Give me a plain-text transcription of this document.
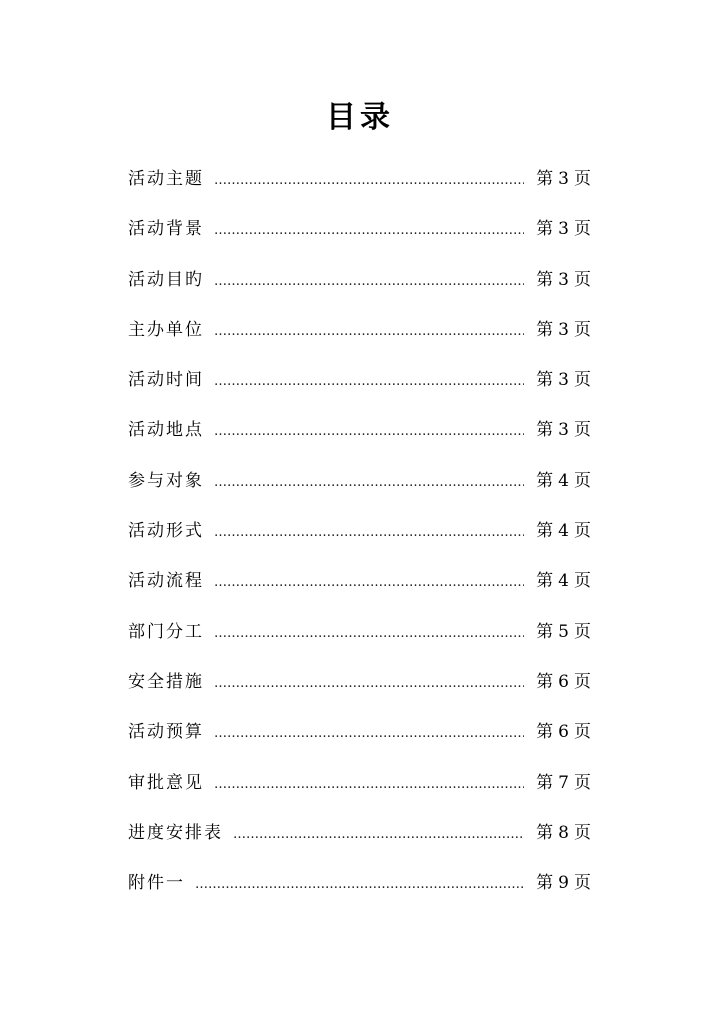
目录
活动主题 …………………………………………………………………………………………………………………………	第 3 页
活动背景 …………………………………………………………………………………………………………………………	第 3 页
活动目旳 …………………………………………………………………………………………………………………………	第 3 页
主办单位 …………………………………………………………………………………………………………………………	第 3 页
活动时间 …………………………………………………………………………………………………………………………	第 3 页
活动地点 …………………………………………………………………………………………………………………………	第 3 页
参与对象 …………………………………………………………………………………………………………………………	第 4 页
活动形式 …………………………………………………………………………………………………………………………	第 4 页
活动流程 …………………………………………………………………………………………………………………………	第 4 页
部门分工 …………………………………………………………………………………………………………………………	第 5 页
安全措施 …………………………………………………………………………………………………………………………	第 6 页
活动预算 …………………………………………………………………………………………………………………………	第 6 页
审批意见 …………………………………………………………………………………………………………………………	第 7 页
进度安排表 …………………………………………………………………………………………………………………………	第 8 页
附件一 …………………………………………………………………………………………………………………………	第 9 页
